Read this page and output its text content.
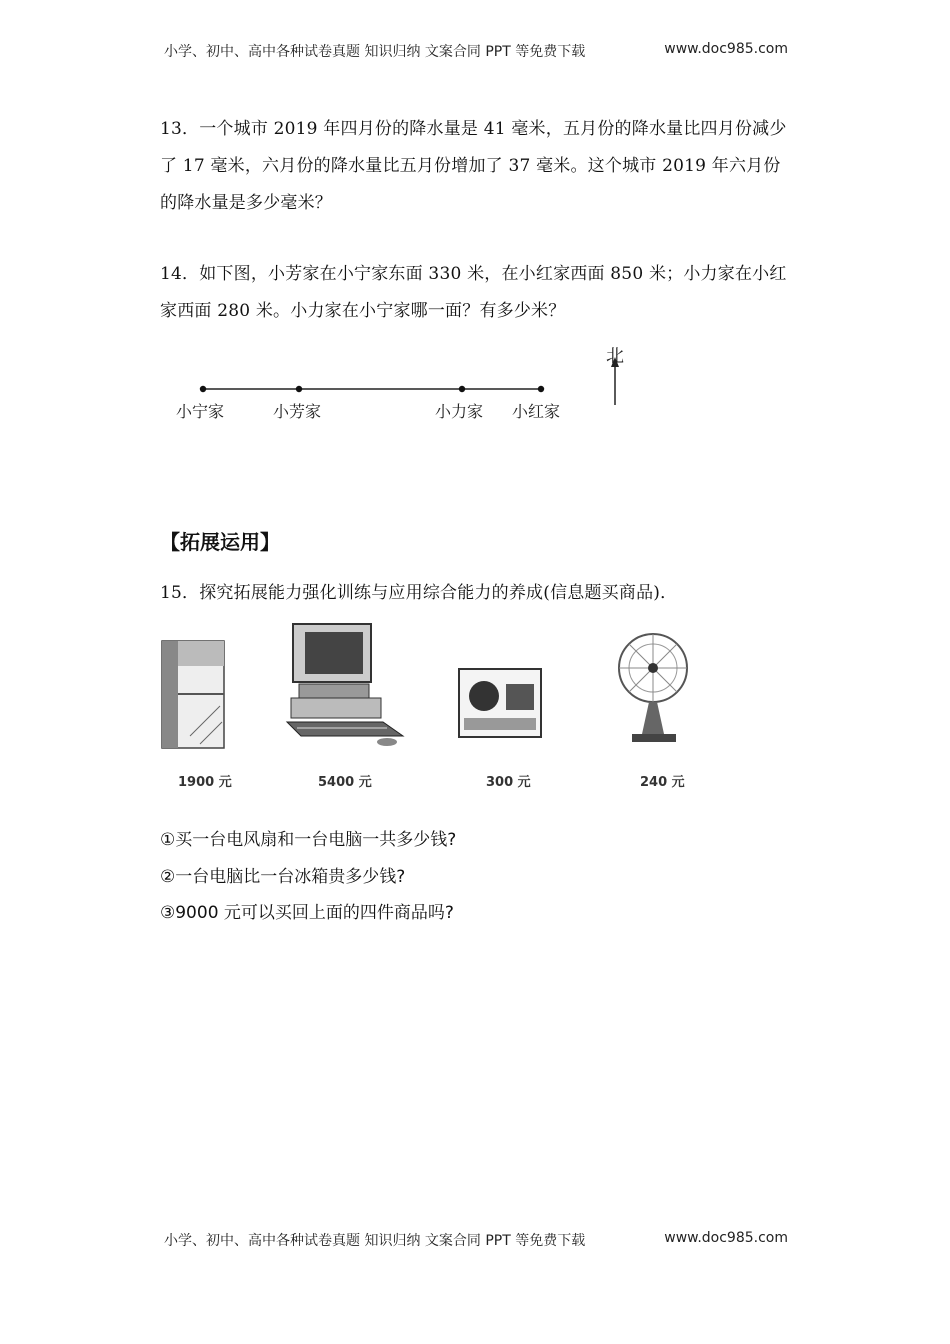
小学、初中、高中各种试卷真题 知识归纳 文案合同 PPT 等免费下载	www.doc985.com
13．一个城市 2019 年四月份的降水量是 41 毫米，五月份的降水量比四月份减少了 17 毫米，六月份的降水量比五月份增加了 37 毫米。这个城市 2019 年六月份的降水量是多少毫米？
14．如下图，小芳家在小宁家东面 330 米，在小红家西面 850 米；小力家在小红家西面 280 米。小力家在小宁家哪一面？有多少米？
小宁家	小芳家	小力家 小红家
北
【拓展运用】
15．探究拓展能力强化训练与应用综合能力的养成(信息题买商品)．
1900 元	5400 元	300 元	240 元
①买一台电风扇和一台电脑一共多少钱?
②一台电脑比一台冰箱贵多少钱?
③9000 元可以买回上面的四件商品吗?
小学、初中、高中各种试卷真题 知识归纳 文案合同 PPT 等免费下载	www.doc985.com
